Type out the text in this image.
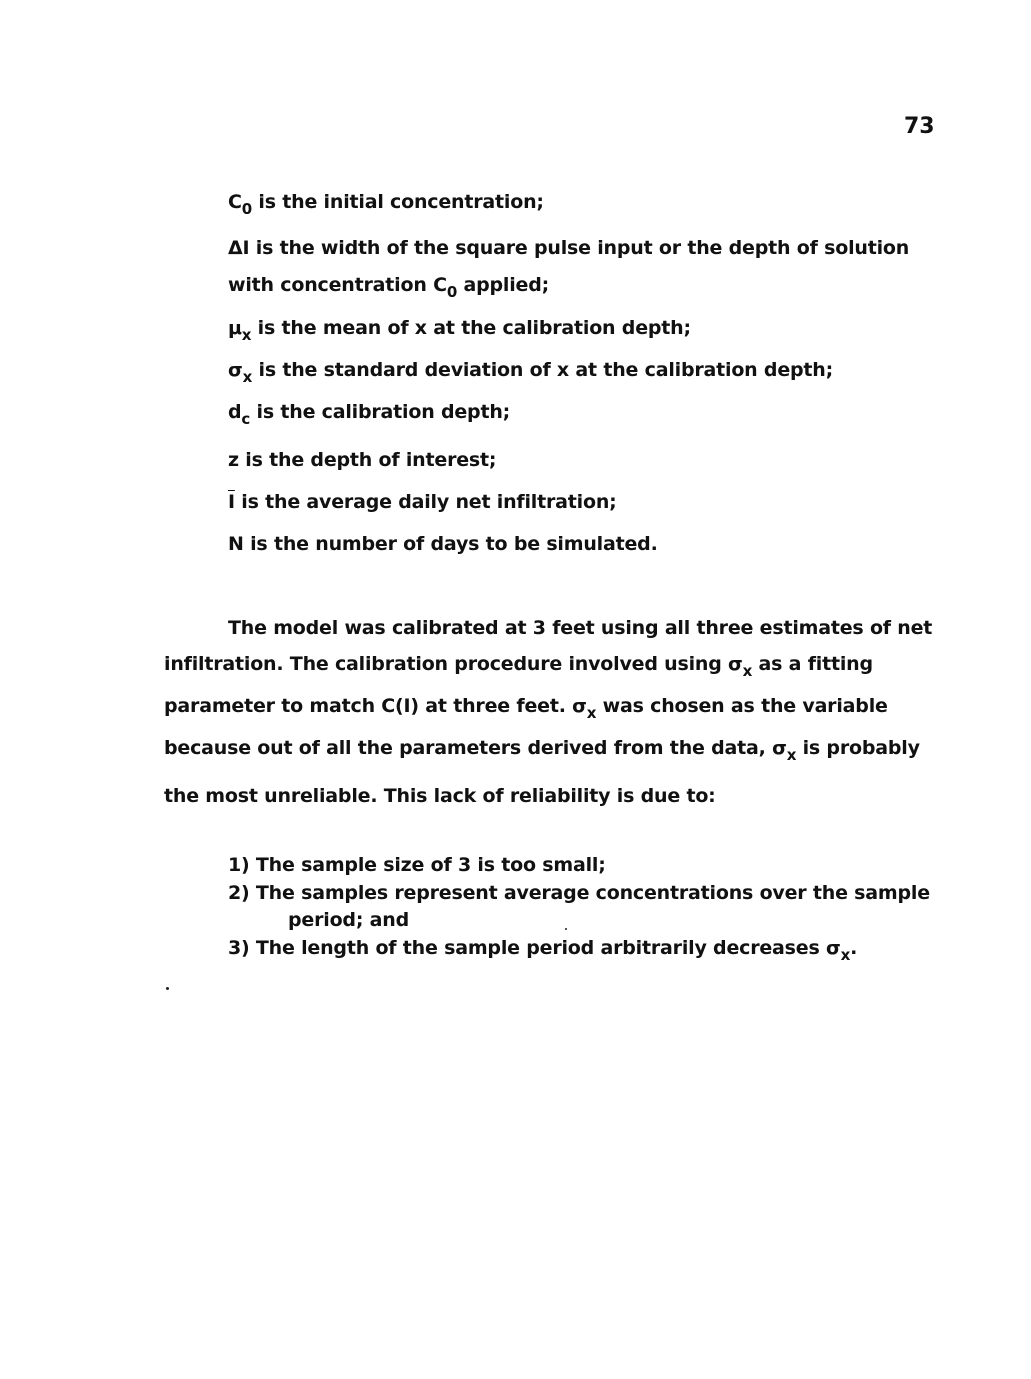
73
$C_0$ is the initial concentration;
ΔI is the width of the square pulse input or the depth of solution
with concentration $C_0$ applied;
$\mu_x$ is the mean of x at the calibration depth;
$\sigma_x$ is the standard deviation of x at the calibration depth;
$d_c$ is the calibration depth;
z is the depth of interest;
$\overline{I}$ is the average daily net infiltration;
N is the number of days to be simulated.
The model was calibrated at 3 feet using all three estimates of net
infiltration. The calibration procedure involved using $\sigma_x$ as a fitting
parameter to match C(I) at three feet. $\sigma_x$ was chosen as the variable
because out of all the parameters derived from the data, $\sigma_x$ is probably
the most unreliable. This lack of reliability is due to:
1) The sample size of 3 is too small;
2) The samples represent average concentrations over the sample
period; and
3) The length of the sample period arbitrarily decreases $\sigma_x$.
